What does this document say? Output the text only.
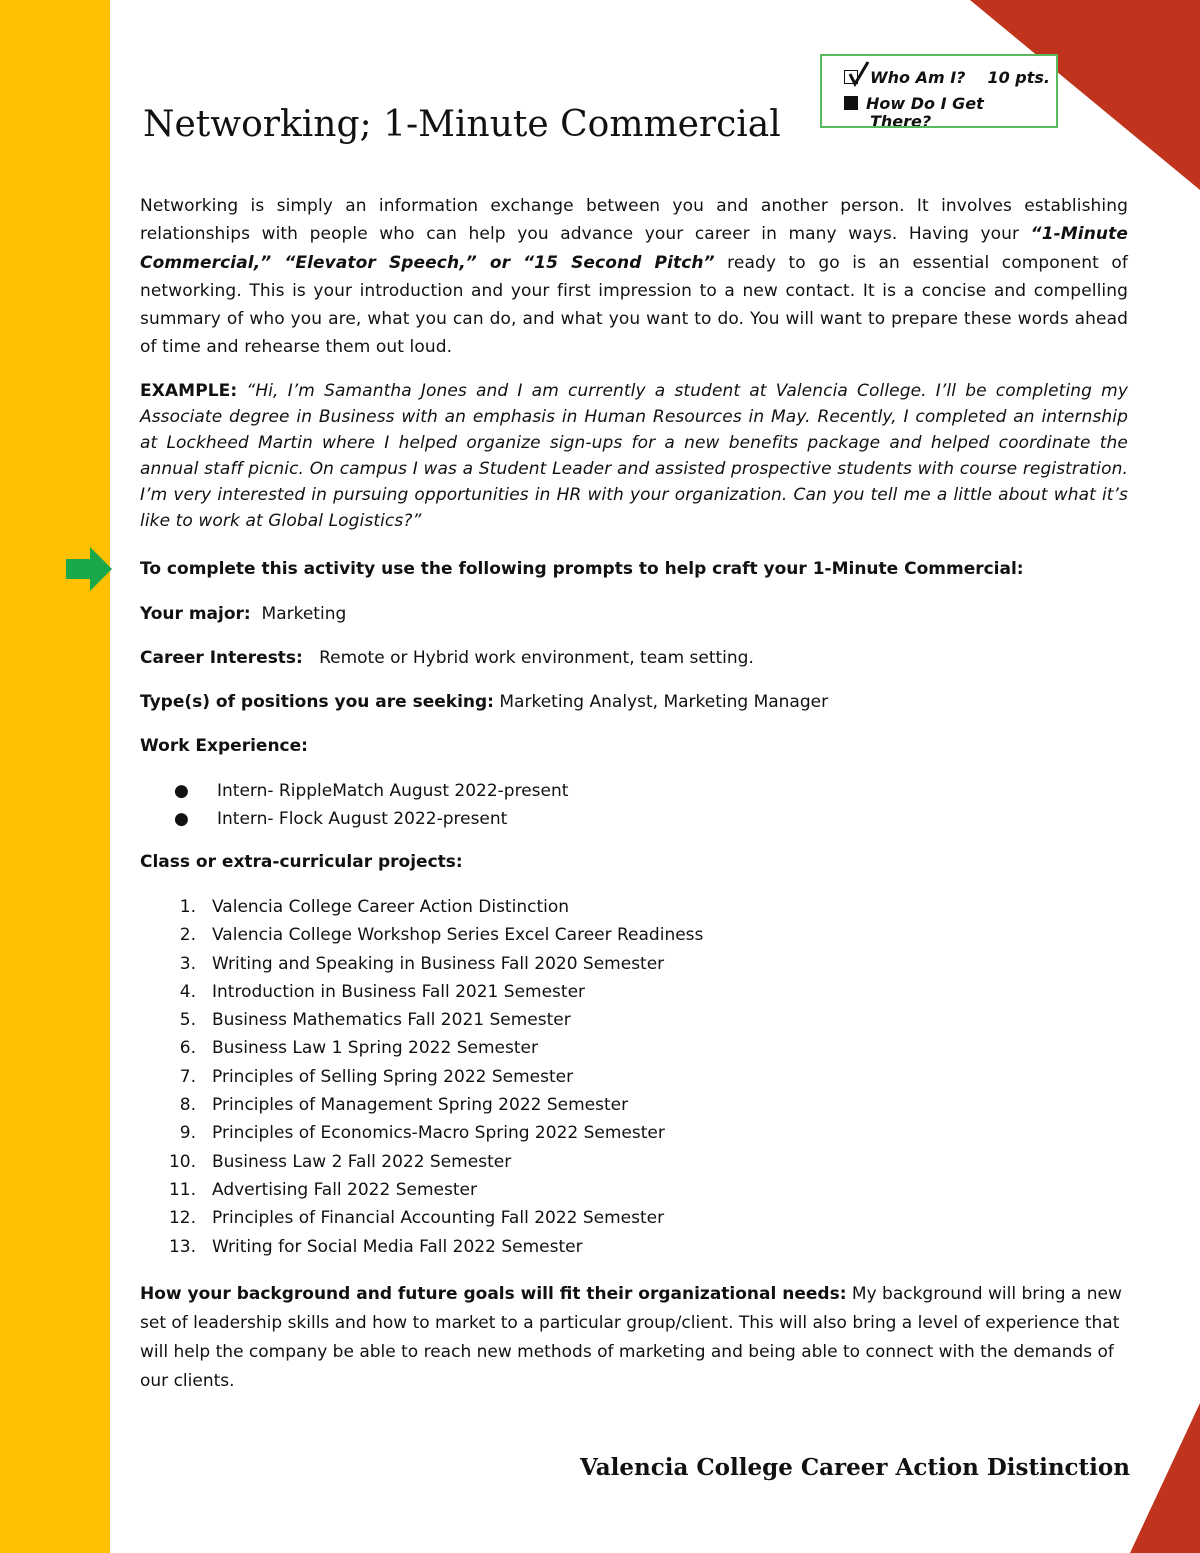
Who Am I? 10 pts.
How Do I Get
There?
Networking; 1-Minute Commercial

Networking is simply an information exchange between you and another person. It involves establishing relationships with people who can help you advance your career in many ways. Having your “1-Minute Commercial,” “Elevator Speech,” or “15 Second Pitch” ready to go is an essential component of networking. This is your introduction and your first impression to a new contact. It is a concise and compelling summary of who you are, what you can do, and what you want to do. You will want to prepare these words ahead of time and rehearse them out loud.

EXAMPLE: “Hi, I’m Samantha Jones and I am currently a student at Valencia College. I’ll be completing my Associate degree in Business with an emphasis in Human Resources in May. Recently, I completed an internship at Lockheed Martin where I helped organize sign-ups for a new benefits package and helped coordinate the annual staff picnic. On campus I was a Student Leader and assisted prospective students with course registration. I’m very interested in pursuing opportunities in HR with your organization. Can you tell me a little about what it’s like to work at Global Logistics?”

To complete this activity use the following prompts to help craft your 1-Minute Commercial:

Your major: Marketing

Career Interests: Remote or Hybrid work environment, team setting.

Type(s) of positions you are seeking: Marketing Analyst, Marketing Manager

Work Experience:

● Intern- RippleMatch August 2022-present
● Intern- Flock August 2022-present

Class or extra-curricular projects:

1. Valencia College Career Action Distinction
2. Valencia College Workshop Series Excel Career Readiness
3. Writing and Speaking in Business Fall 2020 Semester
4. Introduction in Business Fall 2021 Semester
5. Business Mathematics Fall 2021 Semester
6. Business Law 1 Spring 2022 Semester
7. Principles of Selling Spring 2022 Semester
8. Principles of Management Spring 2022 Semester
9. Principles of Economics-Macro Spring 2022 Semester
10. Business Law 2 Fall 2022 Semester
11. Advertising Fall 2022 Semester
12. Principles of Financial Accounting Fall 2022 Semester
13. Writing for Social Media Fall 2022 Semester

How your background and future goals will fit their organizational needs: My background will bring a new set of leadership skills and how to market to a particular group/client. This will also bring a level of experience that will help the company be able to reach new methods of marketing and being able to connect with the demands of our clients.

Valencia College Career Action Distinction
